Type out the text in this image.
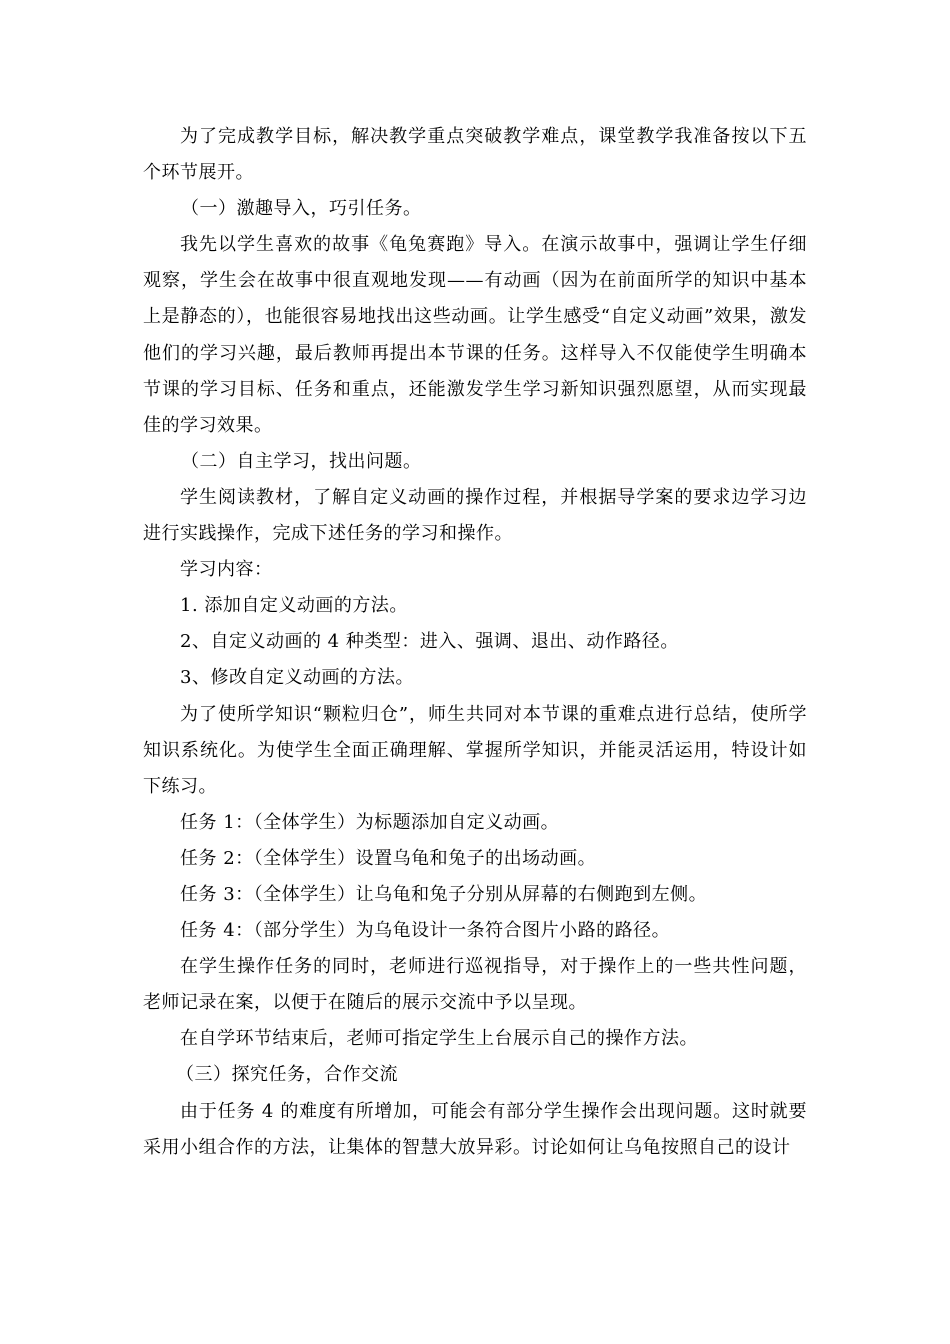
为了完成教学目标，解决教学重点突破教学难点，课堂教学我准备按以下五个环节展开。

（一）激趣导入，巧引任务。

我先以学生喜欢的故事《龟兔赛跑》导入。在演示故事中，强调让学生仔细观察，学生会在故事中很直观地发现——有动画（因为在前面所学的知识中基本上是静态的），也能很容易地找出这些动画。让学生感受“自定义动画”效果，激发他们的学习兴趣，最后教师再提出本节课的任务。这样导入不仅能使学生明确本节课的学习目标、任务和重点，还能激发学生学习新知识强烈愿望，从而实现最佳的学习效果。

（二）自主学习，找出问题。

学生阅读教材，了解自定义动画的操作过程，并根据导学案的要求边学习边进行实践操作，完成下述任务的学习和操作。

学习内容：

1. 添加自定义动画的方法。

2、自定义动画的 4 种类型：进入、强调、退出、动作路径。

3、修改自定义动画的方法。

为了使所学知识“颗粒归仓”，师生共同对本节课的重难点进行总结，使所学知识系统化。为使学生全面正确理解、掌握所学知识，并能灵活运用，特设计如下练习。

任务 1：（全体学生）为标题添加自定义动画。

任务 2：（全体学生）设置乌龟和兔子的出场动画。

任务 3：（全体学生）让乌龟和兔子分别从屏幕的右侧跑到左侧。

任务 4：（部分学生）为乌龟设计一条符合图片小路的路径。

在学生操作任务的同时，老师进行巡视指导，对于操作上的一些共性问题，老师记录在案，以便于在随后的展示交流中予以呈现。

在自学环节结束后，老师可指定学生上台展示自己的操作方法。

（三）探究任务，合作交流

由于任务 4 的难度有所增加，可能会有部分学生操作会出现问题。这时就要采用小组合作的方法，让集体的智慧大放异彩。讨论如何让乌龟按照自己的设计
